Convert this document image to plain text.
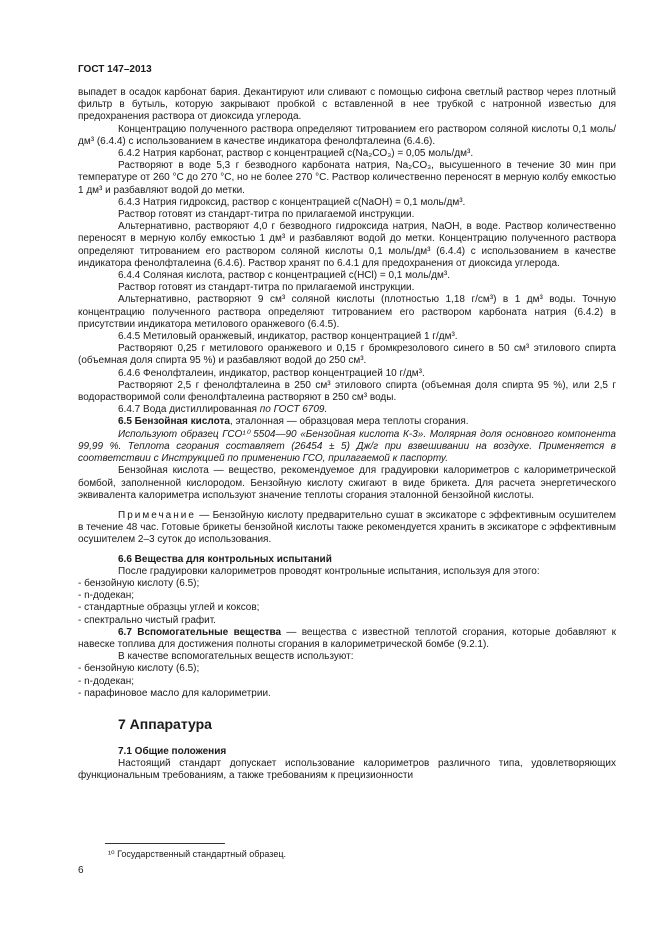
ГОСТ 147–2013

выпадет в осадок карбонат бария. Декантируют или сливают с помощью сифона светлый раствор через плотный фильтр в бутыль, которую закрывают пробкой с вставленной в нее трубкой с натронной известью для предохранения раствора от диоксида углерода.

Концентрацию полученного раствора определяют титрованием его раствором соляной кислоты 0,1 моль/дм³ (6.4.4) с использованием в качестве индикатора фенолфталеина (6.4.6).

6.4.2 Натрия карбонат, раствор с концентрацией c(Na₂CO₃) = 0,05 моль/дм³.

Растворяют в воде 5,3 г безводного карбоната натрия, Na₂CO₃, высушенного в течение 30 мин при температуре от 260 °С до 270 °С, но не более 270 °С. Раствор количественно переносят в мерную колбу емкостью 1 дм³ и разбавляют водой до метки.

6.4.3 Натрия гидроксид, раствор с концентрацией c(NaOH) = 0,1 моль/дм³.

Раствор готовят из стандарт-титра по прилагаемой инструкции.

Альтернативно, растворяют 4,0 г безводного гидроксида натрия, NaOH, в воде. Раствор количественно переносят в мерную колбу емкостью 1 дм³ и разбавляют водой до метки. Концентрацию полученного раствора определяют титрованием его раствором соляной кислоты 0,1 моль/дм³ (6.4.4) с использованием в качестве индикатора фенолфталеина (6.4.6). Раствор хранят по 6.4.1 для предохранения от диоксида углерода.

6.4.4 Соляная кислота, раствор с концентрацией c(HCl) = 0,1 моль/дм³.

Раствор готовят из стандарт-титра по прилагаемой инструкции.

Альтернативно, растворяют 9 см³ соляной кислоты (плотностью 1,18 г/см³) в 1 дм³ воды. Точную концентрацию полученного раствора определяют титрованием его раствором карбоната натрия (6.4.2) в присутствии индикатора метилового оранжевого (6.4.5).

6.4.5 Метиловый оранжевый, индикатор, раствор концентрацией 1 г/дм³.

Растворяют 0,25 г метилового оранжевого и 0,15 г бромкрезолового синего в 50 см³ этилового спирта (объемная доля спирта 95 %) и разбавляют водой до 250 см³.

6.4.6 Фенолфталеин, индикатор, раствор концентрацией 10 г/дм³.

Растворяют 2,5 г фенолфталеина в 250 см³ этилового спирта (объемная доля спирта 95 %), или 2,5 г водорастворимой соли фенолфталеина растворяют в 250 см³ воды.

6.4.7 Вода дистиллированная по ГОСТ 6709.

6.5 Бензойная кислота, эталонная — образцовая мера теплоты сгорания.

Используют образец ГСО¹⁰ 5504—90 «Бензойная кислота К-3». Молярная доля основного компонента 99,99 %. Теплота сгорания составляет (26454 ± 5) Дж/г при взвешивании на воздухе. Применяется в соответствии с Инструкцией по применению ГСО, прилагаемой к паспорту.

Бензойная кислота — вещество, рекомендуемое для градуировки калориметров с калориметрической бомбой, заполненной кислородом. Бензойную кислоту сжигают в виде брикета. Для расчета энергетического эквивалента калориметра используют значение теплоты сгорания эталонной бензойной кислоты.

Примечание — Бензойную кислоту предварительно сушат в эксикаторе с эффективным осушителем в течение 48 час. Готовые брикеты бензойной кислоты также рекомендуется хранить в эксикаторе с эффективным осушителем 2–3 суток до использования.

6.6 Вещества для контрольных испытаний

После градуировки калориметров проводят контрольные испытания, используя для этого:

- бензойную кислоту (6.5);

- n-додекан;

- стандартные образцы углей и коксов;

- спектрально чистый графит.

6.7 Вспомогательные вещества — вещества с известной теплотой сгорания, которые добавляют к навеске топлива для достижения полноты сгорания в калориметрической бомбе (9.2.1).

В качестве вспомогательных веществ используют:

- бензойную кислоту (6.5);

- n-додекан;

- парафиновое масло для калориметрии.

7 Аппаратура

7.1 Общие положения

Настоящий стандарт допускает использование калориметров различного типа, удовлетворяющих функциональным требованиям, а также требованиям к прецизионности

¹⁰ Государственный стандартный образец.
6
